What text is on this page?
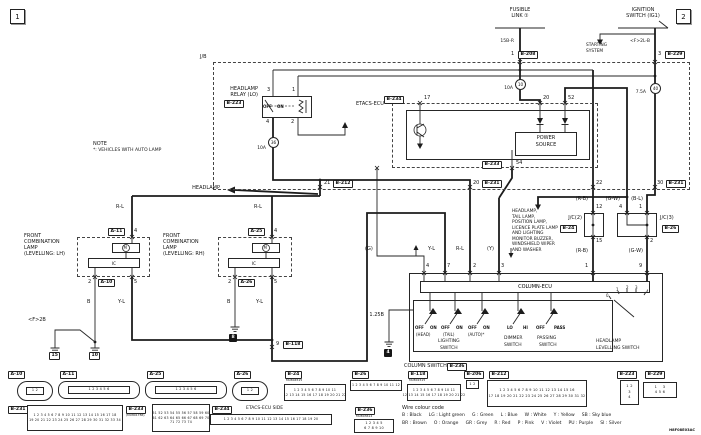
1	2
IC	IC
COLUMN-ECU
36
10A
10
10A	40
7.5A
FUSIBLE
LINK ①
IGNITION
SWITCH (IG1)
15B-R	<F>2L-B
STARTING
SYSTEM
1	B-208	3	B-229
J/B
HEADLAMP
RELAY (LO)
B-223
3	1
4	2
OFF ON	ETACS-ECU
B-234	17	20	52
B-233	54
POWER
SOURCE
NOTE
*: VEHICLES WITH AUTO LAMP
HEADLAMP
21	B-212	20	B-231	22	30	B-231
R-L	R-L
R-L
Y-L
(G)	(Y)
FRONT
COMBINATION
LAMP
(LEVELLING: LH)
FRONT
COMBINATION
LAMP
(LEVELLING: RH)
A-11	4	A-25	4
M	M
2	A-10	5	2	A-26	5
B	B
Y-L	Y-L
<F>2B
15	10
8
4
9	B-118
1.25B
HEADLAMP,
TAIL LAMP,
POSITION LAMP,
LICENCE PLATE LAMP
AND LIGHTING
MONITOR BUZZER,
WINDSHIELD WIPER
AND WASHER
J/C(2)
B-24
12
15
J/C(3)
B-26
4	1
2
(R-B)
(R-B)
(G-W)	(B-L)
(G-W)
4	7	2	3	1	9
OFF ON OFF ON OFF ON	LO	HI OFF PASS
(HEAD)	(TAIL)	(AUTO)*
LIGHTING
SWITCH
DIMMER
SWITCH
PASSING
SWITCH
HEADLAMP
LEVELLING SWITCH
0
1 2 3
4
COLUMN SWITCH B-236
A-10
1 2
A-11
1 2 3 4 5 6
A-25
1 2 3 4 5 6
A-26
1 2
B-24
MU804515
1 2 3 4 5 6 7 8 9 10 11
12 13 14 15 16 17 18 19 20 21 22
B-26
1 2 3 4 5 6 7 8 9 10 11 12
B-118
MU801515
1 2 3 4 5 6 7 8 9 10 11
12 13 14 15 16 17 18 19 20 21 22
B-206
1 2
B-212
1 2 3 4 5 6 7 8 9 10 11 12 13 14 15 16
17 18 19 20 21 22 23 24 25 26 27 28 29 30 31 32
B-223
1 2
3
4
B-229
1    3
4 5 6
B-231
1 2 3 4 5 6 7 8 9 10 11 12 13 14 15 16 17 18
19 20 21 22 23 24 25 26 27 28 29 30 31 32 33 34
B-233
(MU801786)
51 52 53 54 55 56 57 58 59 60
61 62 63 64 65 66 67 68 69 70
71 72 73 74
B-234	ETACS-ECU SIDE
1 2 3 4 5 6 7 8 9 10 11 12 13 14 15 16 17 18 19 20
B-236
MU803614
1 2 3 4 5
6 7 8 9 10
Wire colour code
B : Black     LG : Light green     G : Green     L : Blue     W : White     Y : Yellow     SB : Sky blue
BR : Brown     O : Orange     GR : Grey     R : Red     P : Pink     V : Violet     PU : Purple     SI : Silver
H8F08E03AC
